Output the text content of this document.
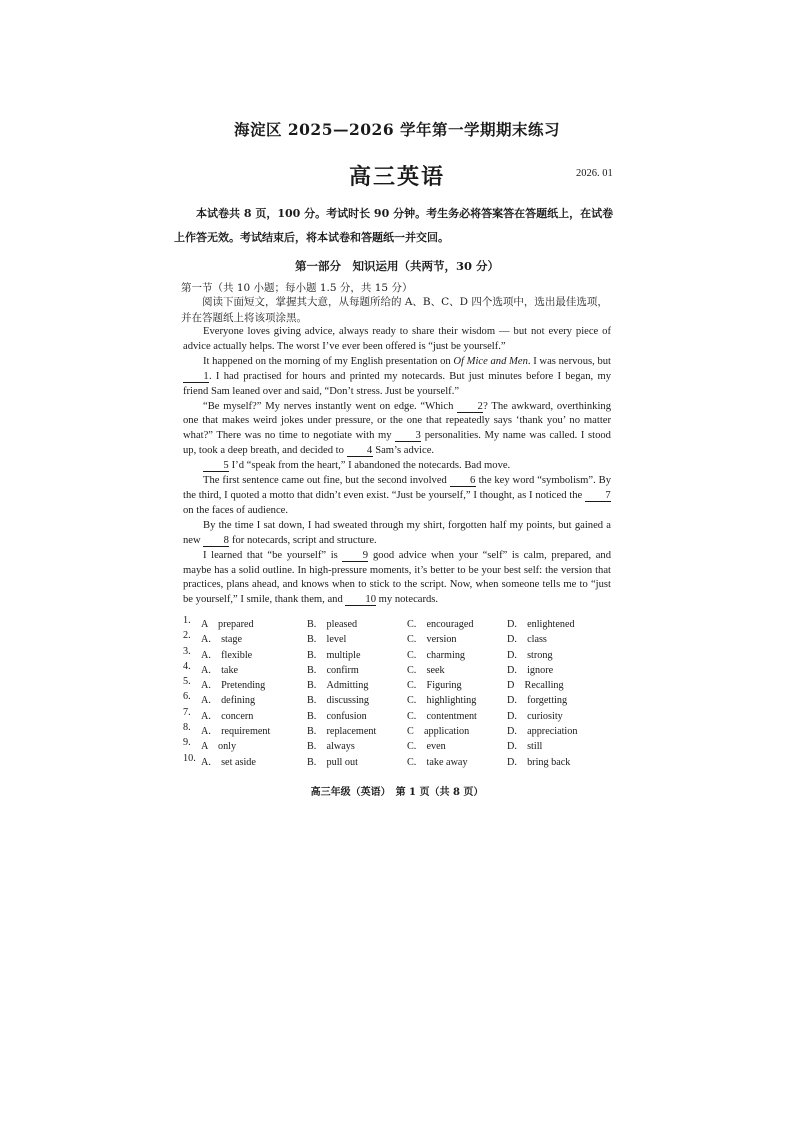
海淀区 2025—2026 学年第一学期期末练习
高三英语	2026. 01
本试卷共 8 页，100 分。考试时长 90 分钟。考生务必将答案答在答题纸上，在试卷上作答无效。考试结束后，将本试卷和答题纸一并交回。
第一部分　知识运用（共两节，30 分）
第一节（共 10 小题；每小题 1.5 分，共 15 分）
阅读下面短文，掌握其大意，从每题所给的 A、B、C、D 四个选项中，选出最佳选项，并在答题纸上将该项涂黑。

Everyone loves giving advice, always ready to share their wisdom — but not every piece of advice actually helps. The worst I’ve ever been offered is “just be yourself.”

It happened on the morning of my English presentation on Of Mice and Men. I was nervous, but 1. I had practised for hours and printed my notecards. But just minutes before I began, my friend Sam leaned over and said, “Don’t stress. Just be yourself.”

“Be myself?” My nerves instantly went on edge. “Which 2? The awkward, overthinking one that makes weird jokes under pressure, or the one that repeatedly says ‘thank you’ no matter what?” There was no time to negotiate with my 3 personalities. My name was called. I stood up, took a deep breath, and decided to 4 Sam’s advice.

5 I’d “speak from the heart,” I abandoned the notecards. Bad move.

The first sentence came out fine, but the second involved 6 the key word “symbolism”. By the third, I quoted a motto that didn’t even exist. “Just be yourself,” I thought, as I noticed the 7 on the faces of audience.

By the time I sat down, I had sweated through my shirt, forgotten half my points, but gained a new 8 for notecards, script and structure.

I learned that “be yourself” is 9 good advice when your “self” is calm, prepared, and maybe has a solid outline. In high-pressure moments, it’s better to be your best self: the version that practices, plans ahead, and knows when to stick to the script. Now, when someone tells me to “just be yourself,” I smile, thank them, and 10 my notecards.

1. A　prepared	B.　pleased	C.　encouraged	D.　enlightened
2. A.　stage	B.　level	C.　version	D.　class
3. A.　flexible	B.　multiple	C.　charming	D.　strong
4. A.　take	B.　confirm	C.　seek	D.　ignore
5. A.　Pretending	B.　Admitting	C.　Figuring	D　Recalling
6. A.　defining	B.　discussing	C.　highlighting	D.　forgetting
7. A.　concern	B.　confusion	C.　contentment	D.　curiosity
8. A.　requirement	B.　replacement	C　application	D.　appreciation
9. A　only	B.　always	C.　even	D.　still
10. A.　set aside	B.　pull out	C.　take away	D.　bring back
高三年级（英语）　第 1 页（共 8 页）
